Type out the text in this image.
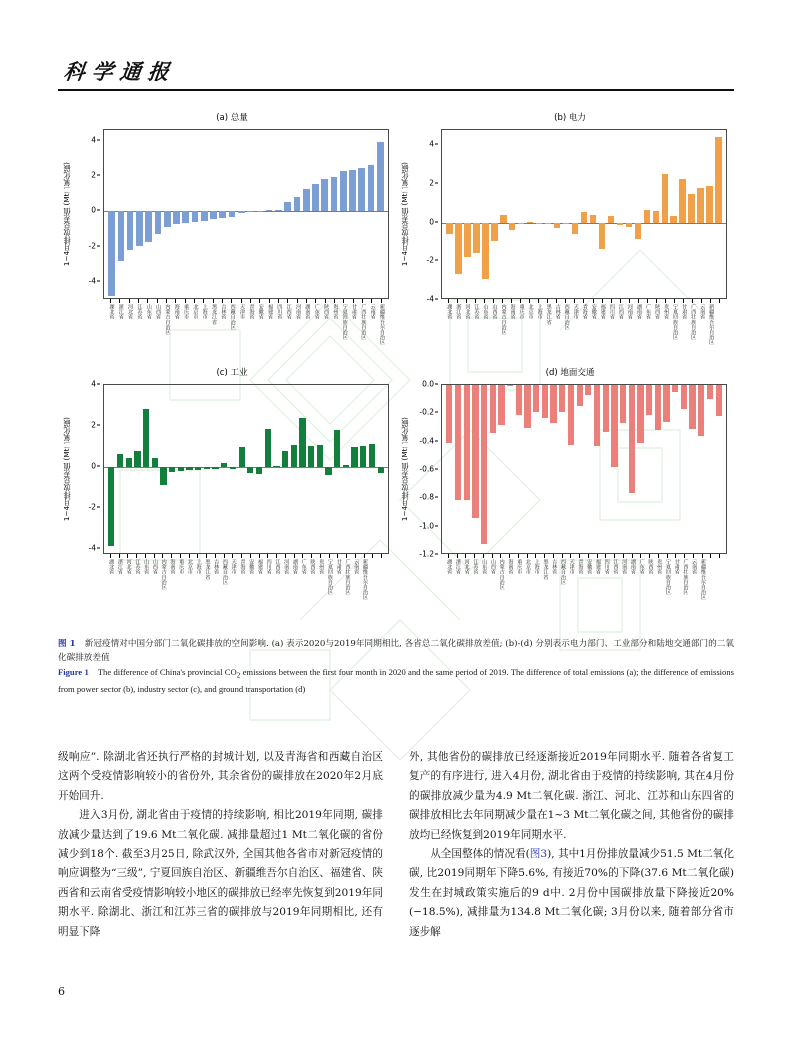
科学通报
(a) 总量
1~4月排放总差值 (Mt二氧化碳)
4
2
0
-2
-4
湖北省 浙江省 河北省 江苏省 山东省 山西省 内蒙古自治区 海南省 重庆市 北京市 上海市 黑龙江省 吉林省 西藏自治区 天津市 青海省 安徽省 福建省 四川省 江西省 河南省 湖南省 广东省 陕西省 贵州省 宁夏回族自治区 甘肃省 广西壮族自治区 云南省 新疆维吾尔自治区
(b) 电力
1~4月排放总差值 (Mt二氧化碳)
4
2
0
-2
-4
湖北省 浙江省 河北省 江苏省 山东省 山西省 内蒙古自治区 海南省 重庆市 北京市 上海市 黑龙江省 吉林省 西藏自治区 天津市 青海省 安徽省 福建省 四川省 江西省 河南省 湖南省 广东省 陕西省 贵州省 宁夏回族自治区 甘肃省 广西壮族自治区 云南省 新疆维吾尔自治区
(c) 工业
1~4月排放总差值 (Mt二氧化碳)
4
2
0
-2
-4
湖北省 浙江省 河北省 江苏省 山东省 山西省 内蒙古自治区 海南省 重庆市 北京市 上海市 黑龙江省 吉林省 西藏自治区 天津市 青海省 安徽省 福建省 四川省 江西省 河南省 湖南省 广东省 陕西省 贵州省 宁夏回族自治区 甘肃省 广西壮族自治区 云南省 新疆维吾尔自治区
(d) 地面交通
1~4月排放总差值 (Mt二氧化碳)
0.0
-0.2
-0.4
-0.6
-0.8
-1.0
-1.2
湖北省 浙江省 河北省 江苏省 山东省 山西省 内蒙古自治区 海南省 重庆市 北京市 上海市 黑龙江省 吉林省 西藏自治区 天津市 青海省 安徽省 福建省 四川省 江西省 河南省 湖南省 广东省 陕西省 贵州省 宁夏回族自治区 甘肃省 广西壮族自治区 云南省 新疆维吾尔自治区
图 1 新冠疫情对中国分部门二氧化碳排放的空间影响. (a) 表示2020与2019年同期相比, 各省总二氧化碳排放差值; (b)-(d) 分别表示电力部门、工业部分和陆地交通部门的二氧化碳排放差值
Figure 1 The difference of China's provincial $CO_2$ emissions between the first four month in 2020 and the same period of 2019. The difference of total emissions (a); the difference of emissions from power sector (b), industry sector (c), and ground transportation (d)

级响应”. 除湖北省还执行严格的封城计划, 以及青海省和西藏自治区这两个受疫情影响较小的省份外, 其余省份的碳排放在2020年2月底开始回升.

进入3月份, 湖北省由于疫情的持续影响, 相比2019年同期, 碳排放减少量达到了19.6 Mt二氧化碳. 减排量超过1 Mt二氧化碳的省份减少到18个. 截至3月25日, 除武汉外, 全国其他各省市对新冠疫情的响应调整为“三级”, 宁夏回族自治区、新疆维吾尔自治区、福建省、陕西省和云南省受疫情影响较小地区的碳排放已经率先恢复到2019年同期水平. 除湖北、浙江和江苏三省的碳排放与2019年同期相比, 还有明显下降

外, 其他省份的碳排放已经逐渐接近2019年同期水平. 随着各省复工复产的有序进行, 进入4月份, 湖北省由于疫情的持续影响, 其在4月份的碳排放减少量为4.9 Mt二氧化碳. 浙江、河北、江苏和山东四省的碳排放相比去年同期减少量在1~3 Mt二氧化碳之间, 其他省份的碳排放均已经恢复到2019年同期水平.

从全国整体的情况看(图3), 其中1月份排放量减少51.5 Mt二氧化碳, 比2019同期年下降5.6%, 有接近70%的下降(37.6 Mt二氧化碳)发生在封城政策实施后的9 d中. 2月份中国碳排放量下降接近20%(−18.5%), 减排量为134.8 Mt二氧化碳; 3月份以来, 随着部分省市逐步解

6
